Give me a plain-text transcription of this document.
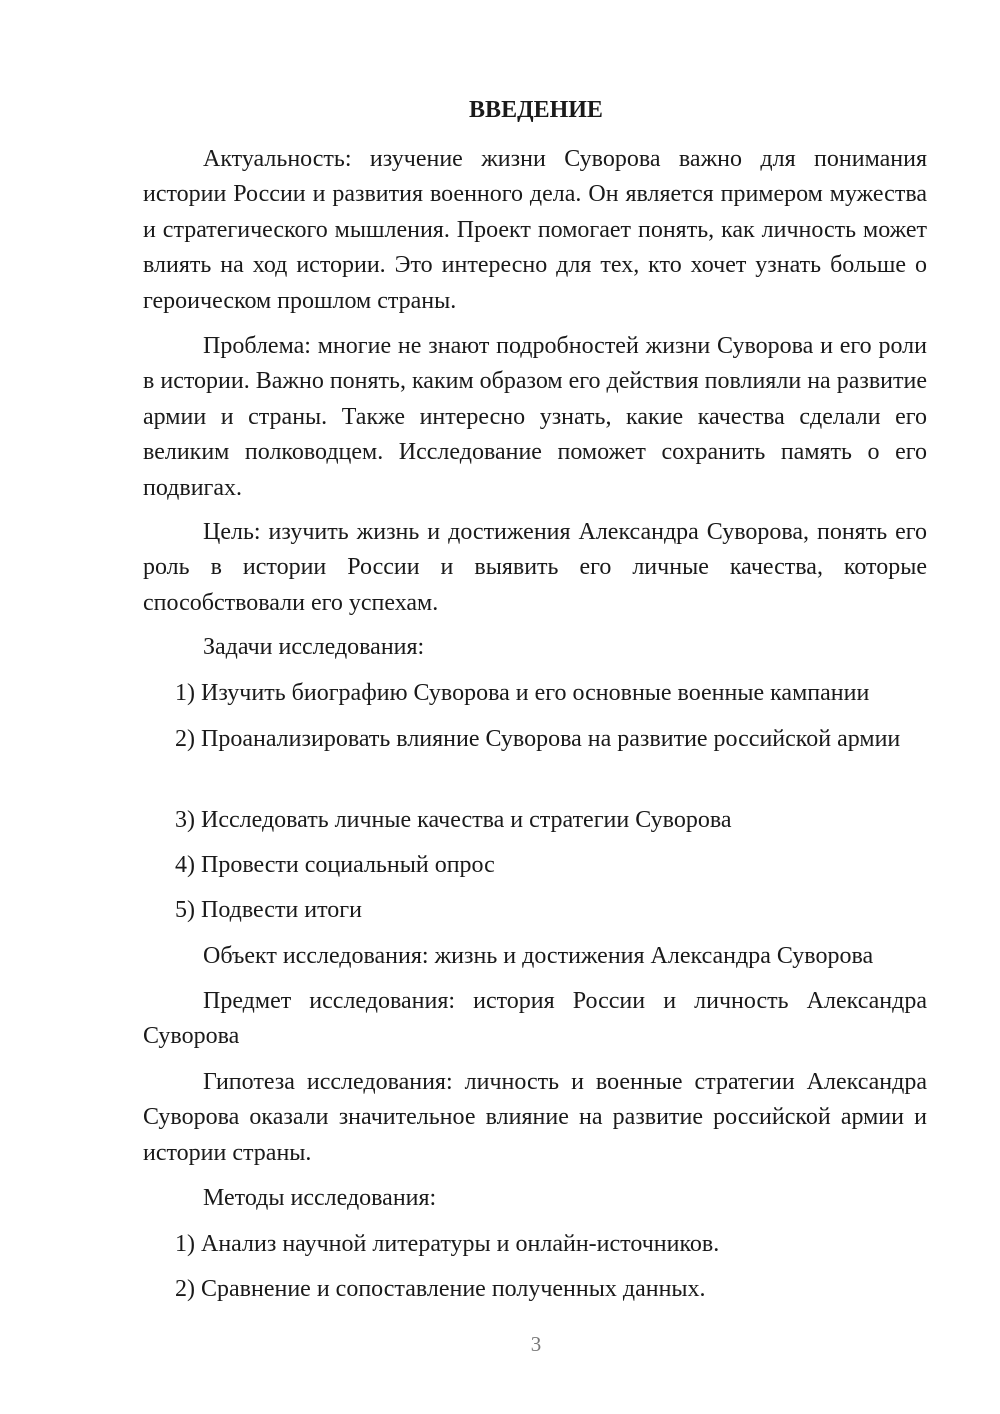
ВВЕДЕНИЕ

Актуальность: изучение жизни Суворова важно для понимания истории России и развития военного дела. Он является примером мужества и стратегического мышления. Проект помогает понять, как личность может влиять на ход истории. Это интересно для тех, кто хочет узнать больше о героическом прошлом страны.

Проблема: многие не знают подробностей жизни Суворова и его роли в истории. Важно понять, каким образом его действия повлияли на развитие армии и страны. Также интересно узнать, какие качества сделали его великим полководцем. Исследование поможет сохранить память о его подвигах.

Цель: изучить жизнь и достижения Александра Суворова, понять его роль в истории России и выявить его личные качества, которые способствовали его успехам.

Задачи исследования:

1) Изучить биографию Суворова и его основные военные кампании

2) Проанализировать влияние Суворова на развитие российской армии

3) Исследовать личные качества и стратегии Суворова

4) Провести социальный опрос

5) Подвести итоги

Объект исследования: жизнь и достижения Александра Суворова

Предмет исследования: история России и личность Александра Суворова

Гипотеза исследования: личность и военные стратегии Александра Суворова оказали значительное влияние на развитие российской армии и истории страны.

Методы исследования:

1) Анализ научной литературы и онлайн-источников.

2) Сравнение и сопоставление полученных данных.

3
